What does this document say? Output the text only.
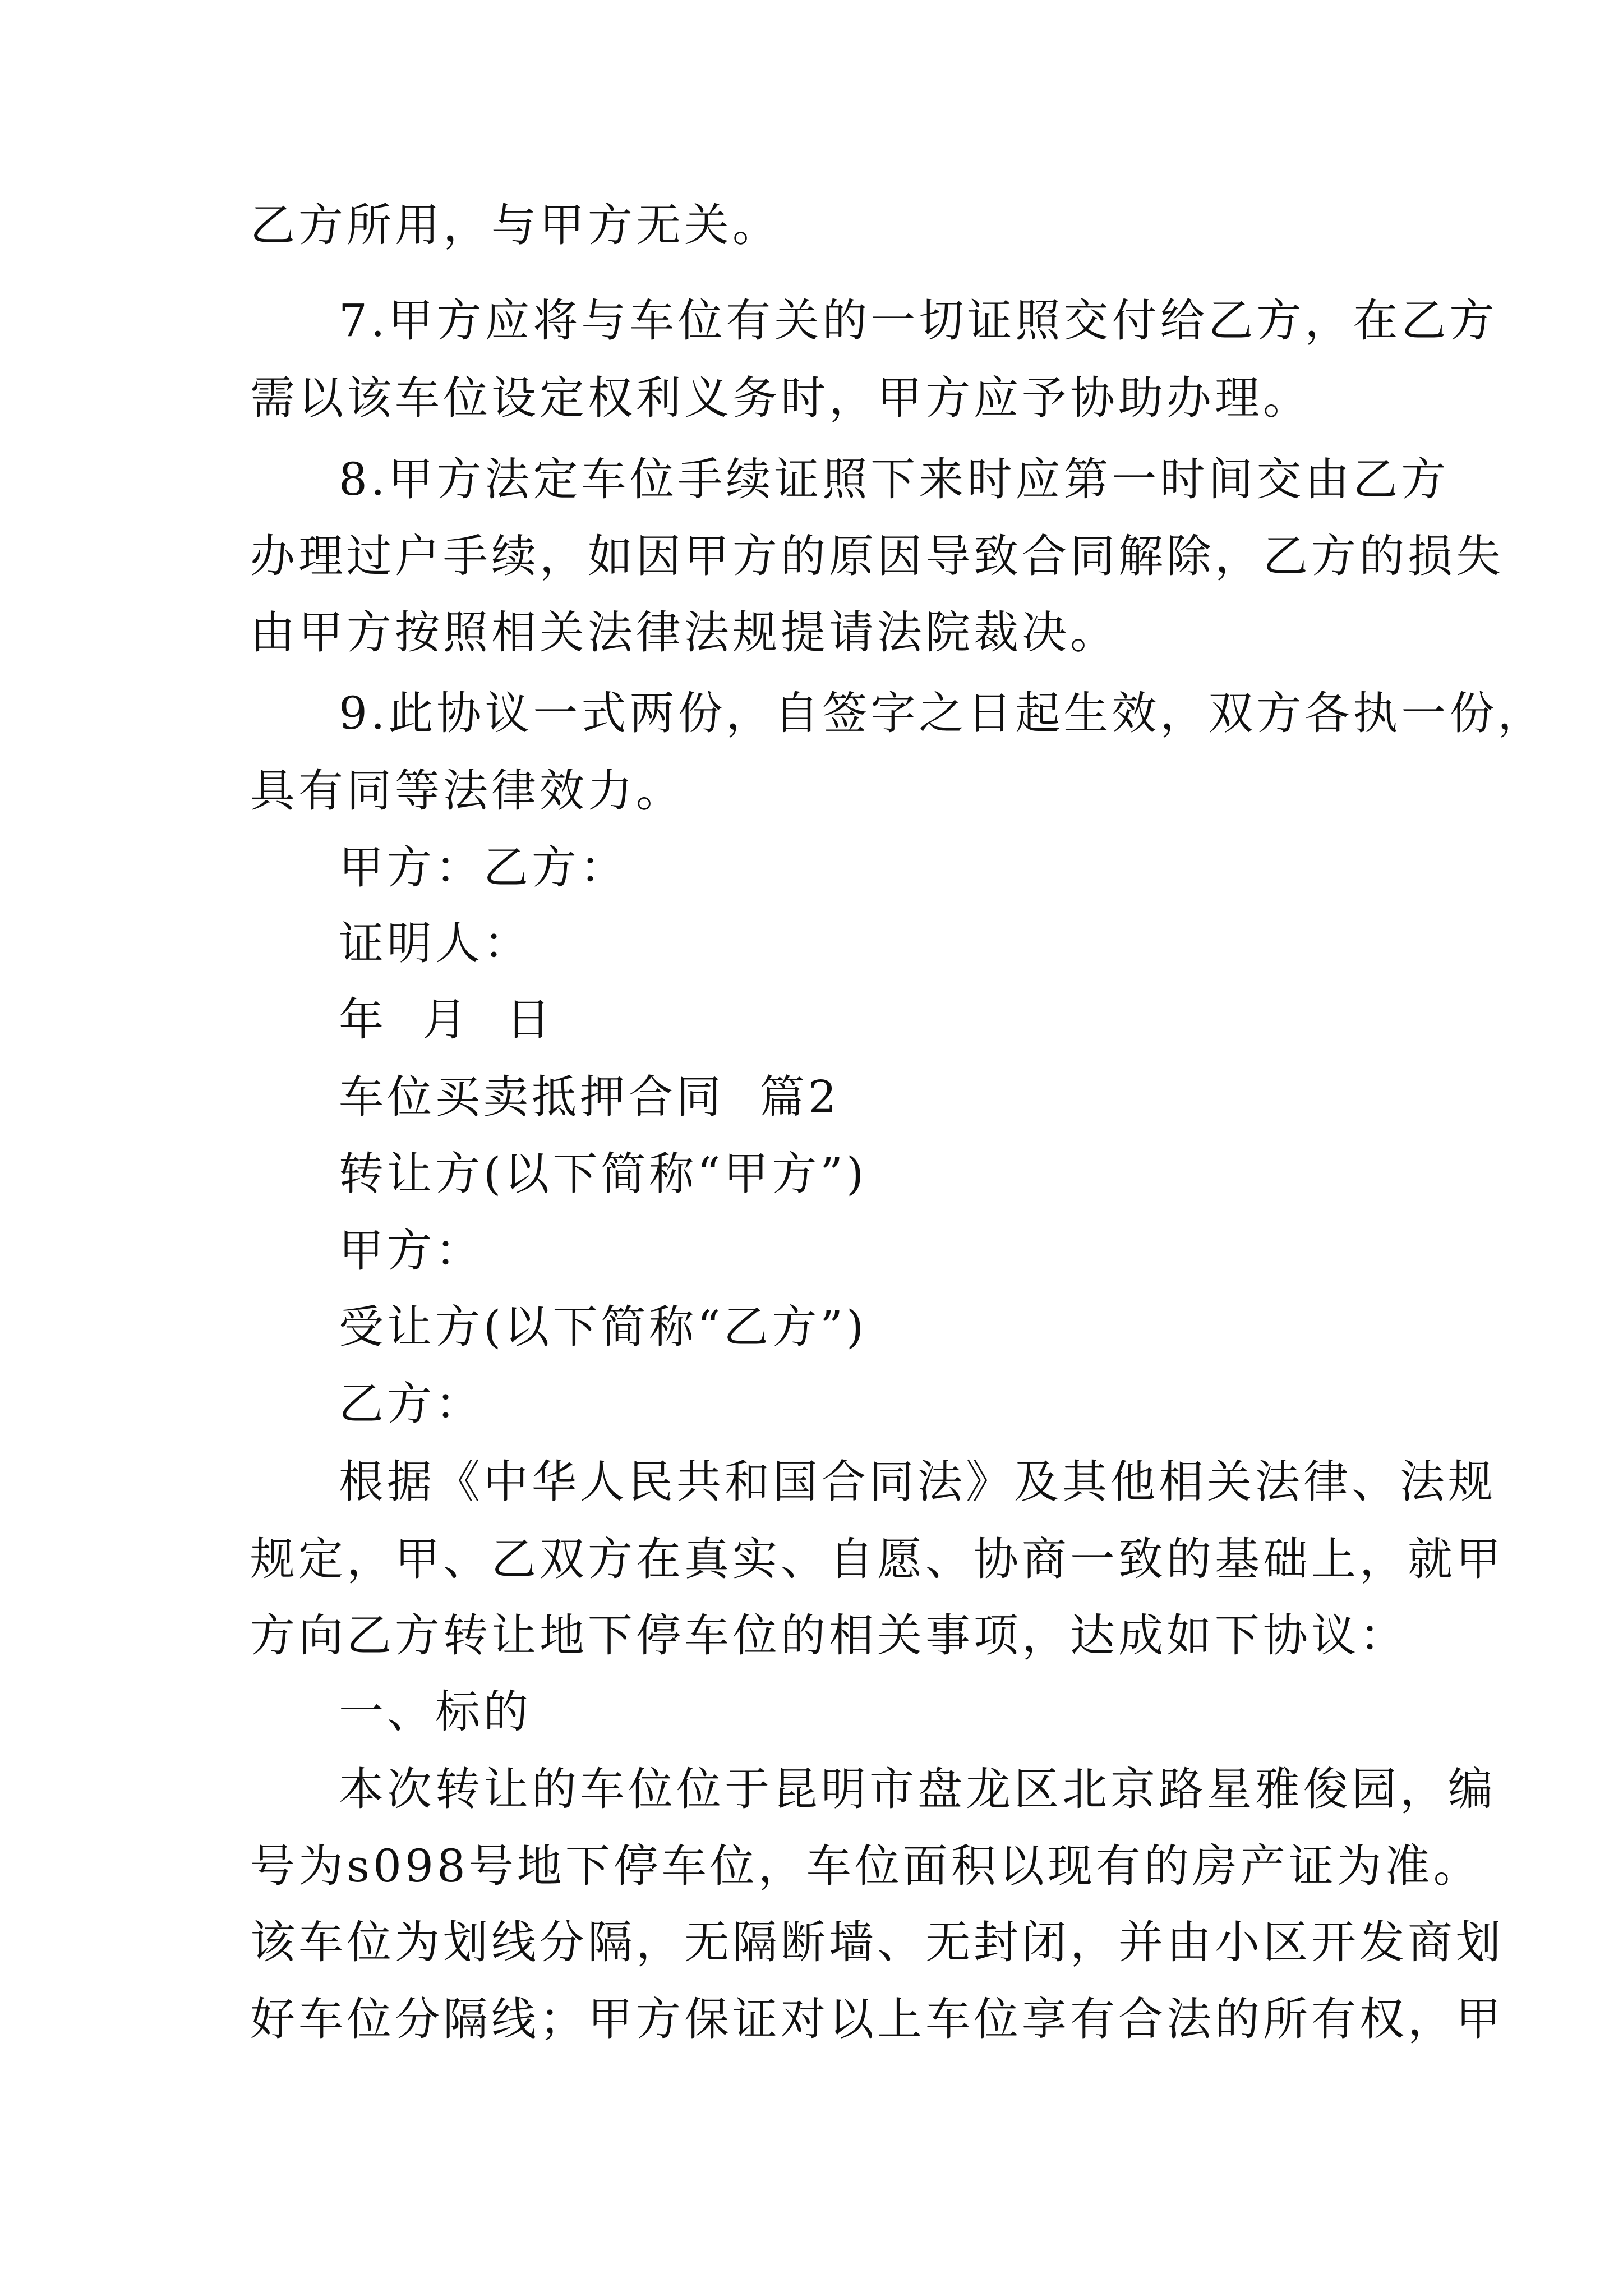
乙方所用，与甲方无关。
7.甲方应将与车位有关的一切证照交付给乙方，在乙方
需以该车位设定权利义务时，甲方应予协助办理。
8.甲方法定车位手续证照下来时应第一时间交由乙方
办理过户手续，如因甲方的原因导致合同解除，乙方的损失
由甲方按照相关法律法规提请法院裁决。
9.此协议一式两份，自签字之日起生效，双方各执一份，
具有同等法律效力。
甲方：乙方：
证明人：
年  月  日
车位买卖抵押合同  篇2
转让方(以下简称“甲方”)
甲方：
受让方(以下简称“乙方”)
乙方：
根据《中华人民共和国合同法》及其他相关法律、法规
规定，甲、乙双方在真实、自愿、协商一致的基础上，就甲
方向乙方转让地下停车位的相关事项，达成如下协议：
一、标的
本次转让的车位位于昆明市盘龙区北京路星雅俊园，编
号为s098号地下停车位，车位面积以现有的房产证为准。
该车位为划线分隔，无隔断墙、无封闭，并由小区开发商划
好车位分隔线；甲方保证对以上车位享有合法的所有权，甲
